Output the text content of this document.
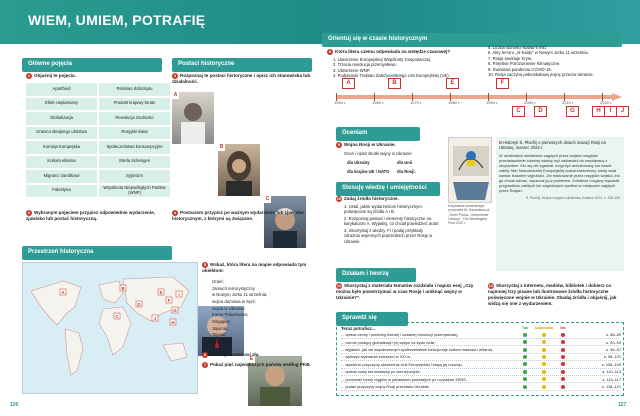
WIEM, UMIEM, POTRAFIĘ
Główne pojęcia
1 Objaśnij te pojęcia.
Apartheid	Państwo dobrobytu
Efekt cieplarniany	Produkt krajowy brutto
Globalizacja	Rewolucja Godności
Granica skrajnego ubóstwa	Rosyjski świat
Komisja Europejska	Społeczeństwo konsumpcyjne
Kultura elitarna	Strefa Schengen
Migranci zarobkowi	Syjonizm
Palestyna	Wspólnota Niepodległych Państw (WNP)
2 Wybranym pojęciem przypisz odpowiednie wydarzenie, zjawisko lub postać historyczną.
Postaci historyczne
3 Rozpoznaj te postaci historyczne i opisz ich stanowiska lub działalność.
A
B
C
E
4 Postaciom przypisz po ważnym wydarzeniu lub zjawisku historycznym, z którymi są związane.
Przestrzeń historyczna
A
B
C
D
E
F
G
H
I
J
5 Wskaż, która litera na mapie odpowiada tym obiektom:
Izrael;
zamach terrorystyczny
w Nowym Jorku 11 września;
wojna domowa w Syrii;
wojna w Ukrainie;
Korea Południowa;
Singapur;
Japonia;
Tajwan;
Hongkong.
6 Pokaż państwa osi zła.
7 Pokaż pięć największych państw według PKB.
126
Orientuj się w czasie historycznym
8 Która litera czemu odpowiada na wstędze czasowej?
1. Utworzenie Europejskiej Wspólnoty Gospodarczej.
2. Trzecia rewolucja przemysłowa.
3. Utworzenie WNP.
4. Podpisanie Traktatu Założycielskiego Unii Europejskiej (UE).
5. Liczba ludności świata 6 mld.
6. Akty terroru „Al-Kaidy” w Nowym Jorku 11 września.
7. Rosja anektuje Krym.
8. Paryskie Porozumienie Klimatyczne.
9. Światowa pandemia COVID-19.
10. Rosja zaczyna pełnoskalową wojnę przeciw Ukrainie.
1950 r.	1960 r.	1970 r.	1980 r.	1990 r.	2000 r.	2010 r.	2020 r.
A	B	E	F
C	D	G	H	I	J
Oceniam
9 Wojna Rosji w Ukrainie.
Oceń i opisz skutki wojny w Ukrainie:
dla Ukrainy	dla Unii
dla krajów UE i NATO	dla Rosji.
Stosuję wiedzę i umiejętności
10 Zadaj źródła historyczne.
1. Ustal, jakim wydarzeniom historycznym poświęcone są źródła A i B.
2. Rozpoznaj postaci i elementy historyczne na karykaturze A. Wyjaśnij, co chciał powiedzieć autor.
3. Skorzystaj z wiedzy. Fi i podaj przykłady zdrażnia wojennych poprzednich przez Rosję w Ukrainie.
Karykatura ukraińskiego rysownika W. Kazaniewa pt. „Trzeci Porisz. Ostrzeżenie Ukrainy”. The Washington Post 2022 r.
B Historyk S. Płochij o pierwszych dniach inwazji Rosji na Ukrainę, marzec 2022 r.
W ukraińskich siedzibach zajętych przez wojska rosyjskie przedstawiciele lokalnej władzy byli nakłaniani do współpracy z okupantem. Kto się nie zgadzał, mógł być aresztowany lub nawet zabity. Mer Nowotroickiej Europejskiej został zastrzelony, kiedy wdał zamiar bodziem wyjeździć. Złe traktowanie przez rosyjskie wojska, kto go chciał zabrać, wyrzucał ją w powietrze. Żołnierze rosyjscy wykazali przypadków zabitych lub zaginionych cywilów w miejscach zajętych przez Rosjan.
S. Płochij, Wojna rosyjsko-ukraińska, Kraków 2024, s. 158-159.
Działam i tworzę
11 Skorzystaj z materiału tematów rozdziału i napisz esej „Czy można było powstrzymać w czas Rosję i uniknąć wojny w Ukrainie?”.
12 Skorzystaj z internetu, mediów, bibliotek i dobierz co najmniej trzy pisane lub ilustrowane źródła historyczne poświęcone wojnie w Ukrainie. Zbadaj źródła i objaśnij, jak widzą się one z wydarzeniem.
Sprawdź się
Teraz potrafisz...	Tak	Częściowo	Nie
... opisać cechy i przebieg trzeciej i czwartej rewolucji przemysłowej,	s. 88–89
... ocenić postępy globalizacji i jej wpływ na życie ludzi,	s. 90–94
... wyjaśnić, jak we współczesnym społeczeństwie funkcjonuje kultura masowa i elitarna,	s. 96–97
... wyliczyć wyzwania ludzkości w XXI w.,	s. 98–101
... wymienić przyczyny utworzenia Unii Europejskiej i etapy jej rozwoju,	s. 106–109
... opisać nowy ład światowy po zimnej wojnie,	s. 110–113
... porównać formy ciągłów w państwach powstałych po rozpadzie ZSRS,	s. 114–117
... podać przyczyny wojny Rosji przeciwko Ukrainie.	s. 118–121
127
